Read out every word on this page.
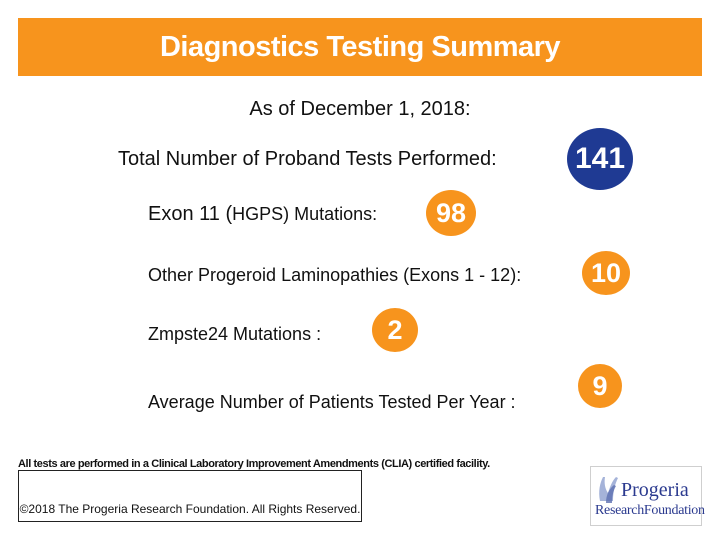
Diagnostics Testing Summary
As of December 1, 2018:
Total Number of Proband Tests Performed:	141
Exon 11 (HGPS) Mutations: 98
Other Progeroid Laminopathies (Exons 1 - 12):	10
Zmpste24 Mutations : 2
Average Number of Patients Tested Per Year :
9
All tests are performed in a Clinical Laboratory Improvement Amendments (CLIA) certified facility.
©2018 The Progeria Research Foundation. All Rights Reserved.
Progeria
ResearchFoundation
